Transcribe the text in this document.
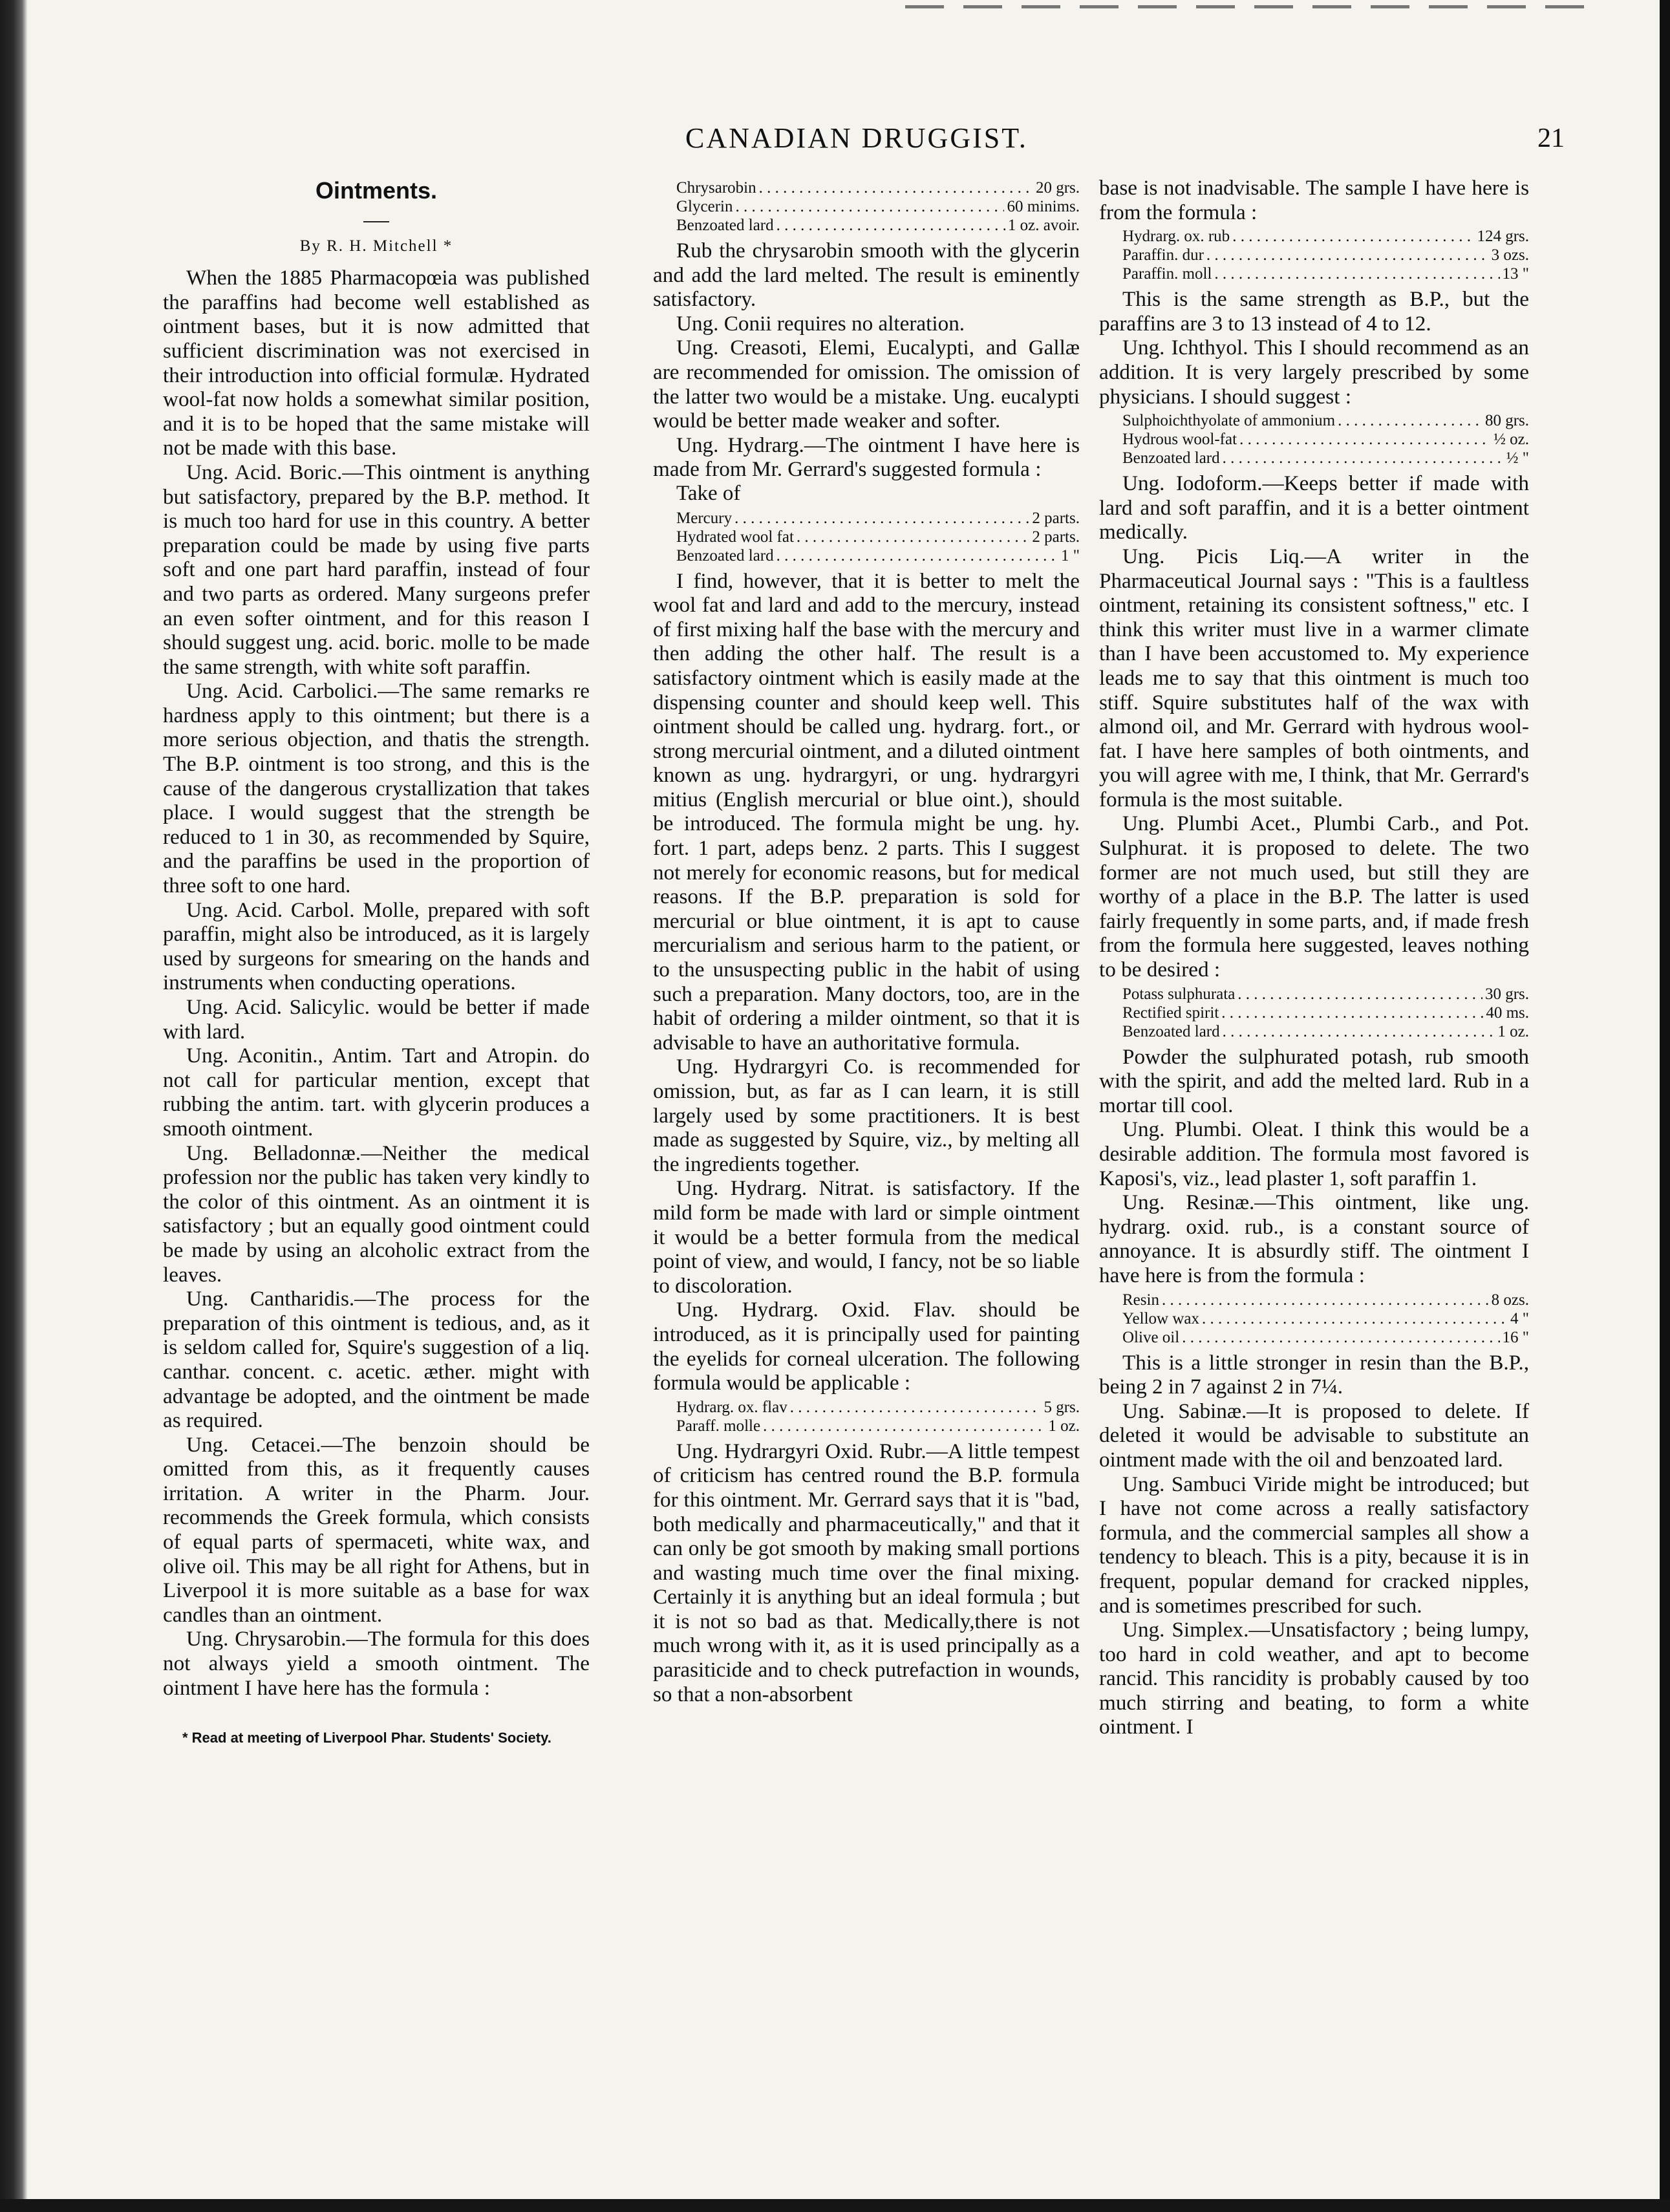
CANADIAN DRUGGIST.	21
Ointments.
By R. H. Mitchell *

When the 1885 Pharmacopœia was published the paraffins had become well established as ointment bases, but it is now admitted that sufficient discrimination was not exercised in their introduction into official formulæ. Hydrated wool-fat now holds a somewhat similar position, and it is to be hoped that the same mistake will not be made with this base.

Ung. Acid. Boric.—This ointment is anything but satisfactory, prepared by the B.P. method. It is much too hard for use in this country. A better preparation could be made by using five parts soft and one part hard paraffin, instead of four and two parts as ordered. Many surgeons prefer an even softer ointment, and for this reason I should suggest ung. acid. boric. molle to be made the same strength, with white soft paraffin.

Ung. Acid. Carbolici.—The same remarks re hardness apply to this ointment; but there is a more serious objection, and thatis the strength. The B.P. ointment is too strong, and this is the cause of the dangerous crystallization that takes place. I would suggest that the strength be reduced to 1 in 30, as recommended by Squire, and the paraffins be used in the proportion of three soft to one hard.

Ung. Acid. Carbol. Molle, prepared with soft paraffin, might also be introduced, as it is largely used by surgeons for smearing on the hands and instruments when conducting operations.

Ung. Acid. Salicylic. would be better if made with lard.

Ung. Aconitin., Antim. Tart and Atropin. do not call for particular mention, except that rubbing the antim. tart. with glycerin produces a smooth ointment.

Ung. Belladonnæ.—Neither the medical profession nor the public has taken very kindly to the color of this ointment. As an ointment it is satisfactory ; but an equally good ointment could be made by using an alcoholic extract from the leaves.

Ung. Cantharidis.—The process for the preparation of this ointment is tedious, and, as it is seldom called for, Squire's suggestion of a liq. canthar. concent. c. acetic. æther. might with advantage be adopted, and the ointment be made as required.

Ung. Cetacei.—The benzoin should be omitted from this, as it frequently causes irritation. A writer in the Pharm. Jour. recommends the Greek formula, which consists of equal parts of spermaceti, white wax, and olive oil. This may be all right for Athens, but in Liverpool it is more suitable as a base for wax candles than an ointment.

Ung. Chrysarobin.—The formula for this does not always yield a smooth ointment. The ointment I have here has the formula :

* Read at meeting of Liverpool Phar. Students' Society.
Chrysarobin . . .	20 grs.
Glycerin . . .	60 minims.
Benzoated lard . . .	1 oz. avoir.

Rub the chrysarobin smooth with the glycerin and add the lard melted. The result is eminently satisfactory.

Ung. Conii requires no alteration.

Ung. Creasoti, Elemi, Eucalypti, and Gallæ are recommended for omission. The omission of the latter two would be a mistake. Ung. eucalypti would be better made weaker and softer.

Ung. Hydrarg.—The ointment I have here is made from Mr. Gerrard's suggested formula :

Take of
Mercury . . .	2 parts.
Hydrated wool fat . . .	2 parts.
Benzoated lard . . .	1 "

I find, however, that it is better to melt the wool fat and lard and add to the mercury, instead of first mixing half the base with the mercury and then adding the other half. The result is a satisfactory ointment which is easily made at the dispensing counter and should keep well. This ointment should be called ung. hydrarg. fort., or strong mercurial ointment, and a diluted ointment known as ung. hydrargyri, or ung. hydrargyri mitius (English mercurial or blue oint.), should be introduced. The formula might be ung. hy. fort. 1 part, adeps benz. 2 parts. This I suggest not merely for economic reasons, but for medical reasons. If the B.P. preparation is sold for mercurial or blue ointment, it is apt to cause mercurialism and serious harm to the patient, or to the unsuspecting public in the habit of using such a preparation. Many doctors, too, are in the habit of ordering a milder ointment, so that it is advisable to have an authoritative formula.

Ung. Hydrargyri Co. is recommended for omission, but, as far as I can learn, it is still largely used by some practitioners. It is best made as suggested by Squire, viz., by melting all the ingredients together.

Ung. Hydrarg. Nitrat. is satisfactory. If the mild form be made with lard or simple ointment it would be a better formula from the medical point of view, and would, I fancy, not be so liable to discoloration.

Ung. Hydrarg. Oxid. Flav. should be introduced, as it is principally used for painting the eyelids for corneal ulceration. The following formula would be applicable :

Hydrarg. ox. flav . . .	5 grs.
Paraff. molle . . .	1 oz.

Ung. Hydrargyri Oxid. Rubr.—A little tempest of criticism has centred round the B.P. formula for this ointment. Mr. Gerrard says that it is "bad, both medically and pharmaceutically," and that it can only be got smooth by making small portions and wasting much time over the final mixing. Certainly it is anything but an ideal formula ; but it is not so bad as that. Medically,there is not much wrong with it, as it is used principally as a parasiticide and to check putrefaction in wounds, so that a non-absorbent

base is not inadvisable. The sample I have here is from the formula :

Hydrarg. ox. rub . . .	124 grs.
Paraffin. dur . . .	3 ozs.
Paraffin. moll . . .	13 "

This is the same strength as B.P., but the paraffins are 3 to 13 instead of 4 to 12.

Ung. Ichthyol. This I should recommend as an addition. It is very largely prescribed by some physicians. I should suggest :

Sulphoichthyolate of ammonium . . .	80 grs.
Hydrous wool-fat . . .	½ oz.
Benzoated lard . . .	½ "

Ung. Iodoform.—Keeps better if made with lard and soft paraffin, and it is a better ointment medically.

Ung. Picis Liq.—A writer in the Pharmaceutical Journal says : "This is a faultless ointment, retaining its consistent softness," etc. I think this writer must live in a warmer climate than I have been accustomed to. My experience leads me to say that this ointment is much too stiff. Squire substitutes half of the wax with almond oil, and Mr. Gerrard with hydrous wool-fat. I have here samples of both ointments, and you will agree with me, I think, that Mr. Gerrard's formula is the most suitable.

Ung. Plumbi Acet., Plumbi Carb., and Pot. Sulphurat. it is proposed to delete. The two former are not much used, but still they are worthy of a place in the B.P. The latter is used fairly frequently in some parts, and, if made fresh from the formula here suggested, leaves nothing to be desired :

Potass sulphurata . . .	30 grs.
Rectified spirit . . .	40 ms.
Benzoated lard . . .	1 oz.

Powder the sulphurated potash, rub smooth with the spirit, and add the melted lard. Rub in a mortar till cool.

Ung. Plumbi. Oleat. I think this would be a desirable addition. The formula most favored is Kaposi's, viz., lead plaster 1, soft paraffin 1.

Ung. Resinæ.—This ointment, like ung. hydrarg. oxid. rub., is a constant source of annoyance. It is absurdly stiff. The ointment I have here is from the formula :

Resin . . .	8 ozs.
Yellow wax . . .	4 "
Olive oil . . .	16 "

This is a little stronger in resin than the B.P., being 2 in 7 against 2 in 7¼.

Ung. Sabinæ.—It is proposed to delete. If deleted it would be advisable to substitute an ointment made with the oil and benzoated lard.

Ung. Sambuci Viride might be introduced; but I have not come across a really satisfactory formula, and the commercial samples all show a tendency to bleach. This is a pity, because it is in frequent, popular demand for cracked nipples, and is sometimes prescribed for such.

Ung. Simplex.—Unsatisfactory ; being lumpy, too hard in cold weather, and apt to become rancid. This rancidity is probably caused by too much stirring and beating, to form a white ointment. I
